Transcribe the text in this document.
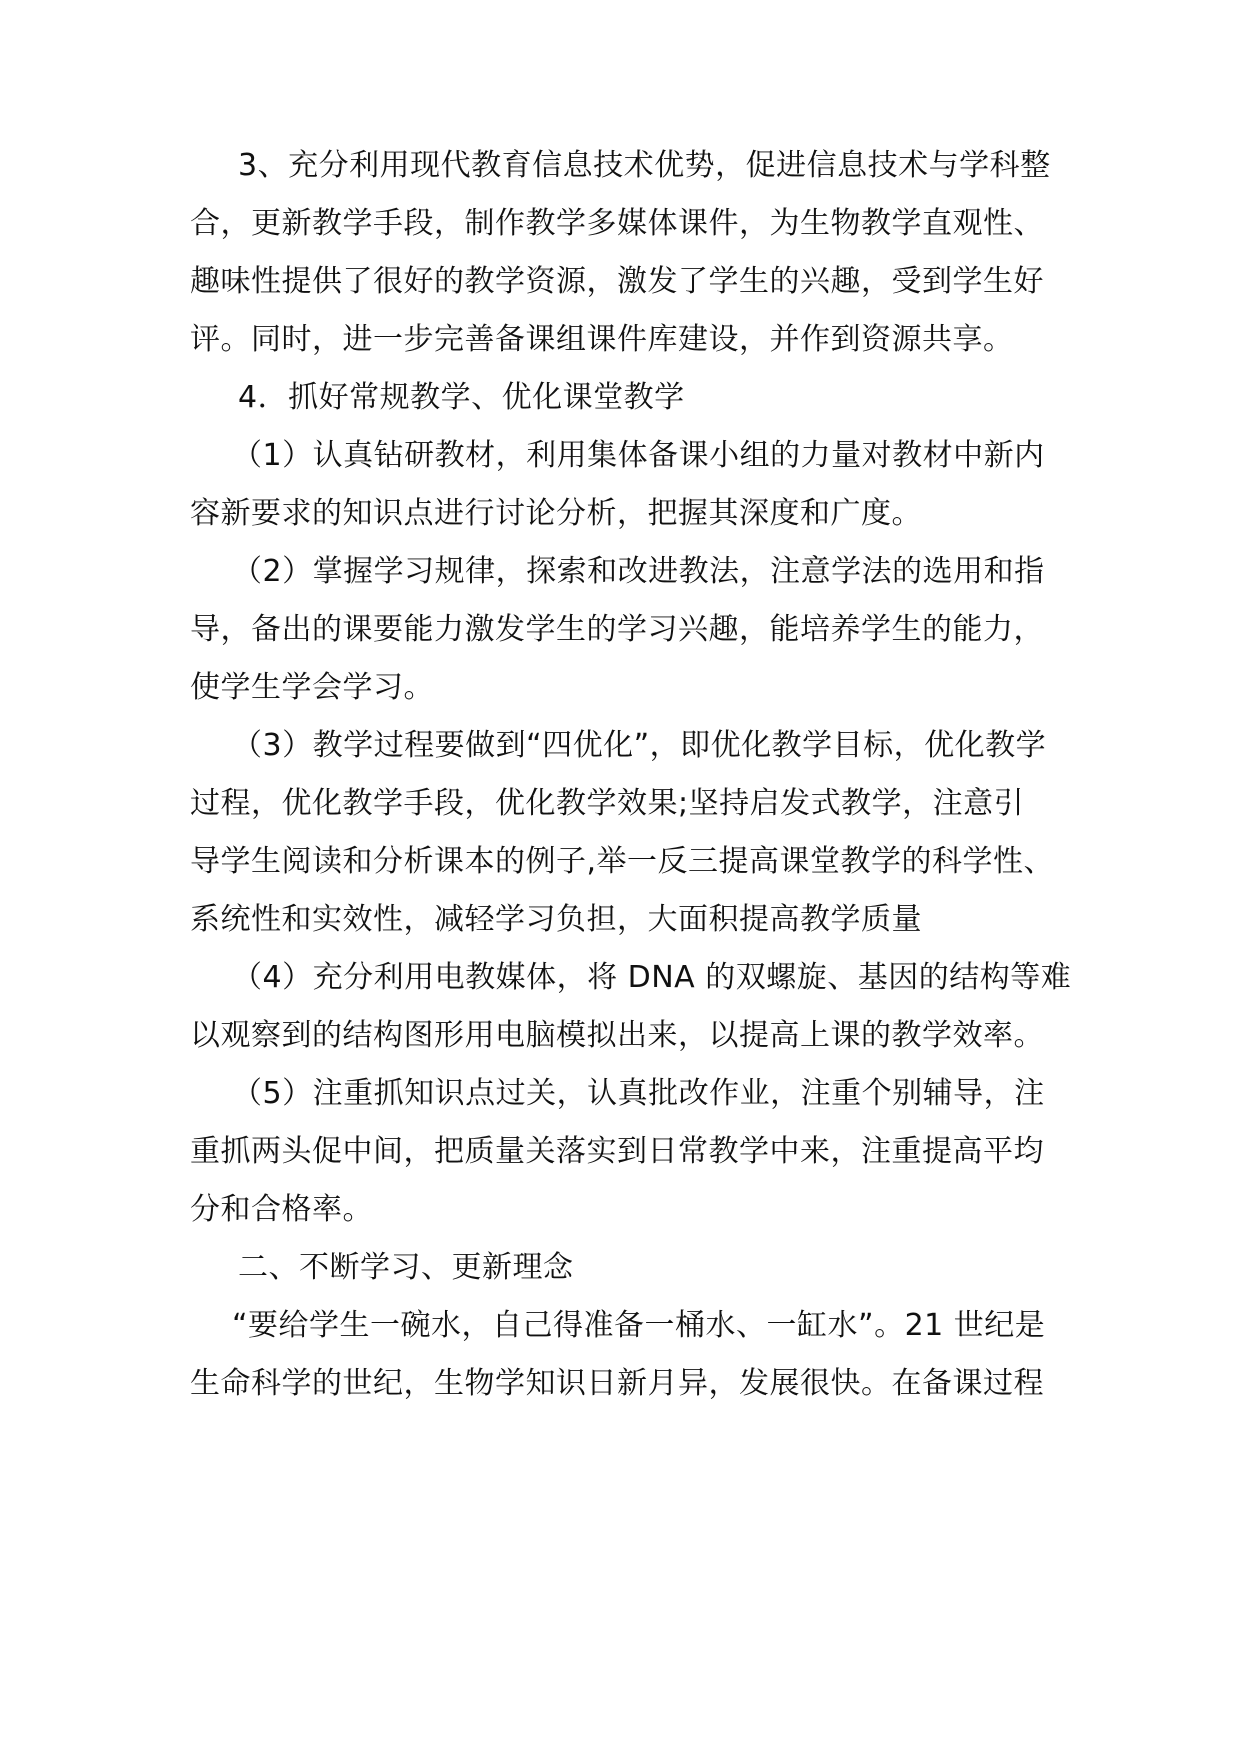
3、充分利用现代教育信息技术优势，促进信息技术与学科整
合，更新教学手段，制作教学多媒体课件，为生物教学直观性、
趣味性提供了很好的教学资源，激发了学生的兴趣，受到学生好
评。同时，进一步完善备课组课件库建设，并作到资源共享。
4．抓好常规教学、优化课堂教学
（1）认真钻研教材，利用集体备课小组的力量对教材中新内
容新要求的知识点进行讨论分析，把握其深度和广度。
（2）掌握学习规律，探索和改进教法，注意学法的选用和指
导，备出的课要能力激发学生的学习兴趣，能培养学生的能力，
使学生学会学习。
（3）教学过程要做到“四优化”，即优化教学目标，优化教学
过程，优化教学手段，优化教学效果;坚持启发式教学，注意引
导学生阅读和分析课本的例子,举一反三提高课堂教学的科学性、
系统性和实效性，减轻学习负担，大面积提高教学质量
（4）充分利用电教媒体，将 DNA 的双螺旋、基因的结构等难
以观察到的结构图形用电脑模拟出来，以提高上课的教学效率。
（5）注重抓知识点过关，认真批改作业，注重个别辅导，注
重抓两头促中间，把质量关落实到日常教学中来，注重提高平均
分和合格率。
二、不断学习、更新理念
“要给学生一碗水，自己得准备一桶水、一缸水”。21 世纪是
生命科学的世纪，生物学知识日新月异，发展很快。在备课过程
